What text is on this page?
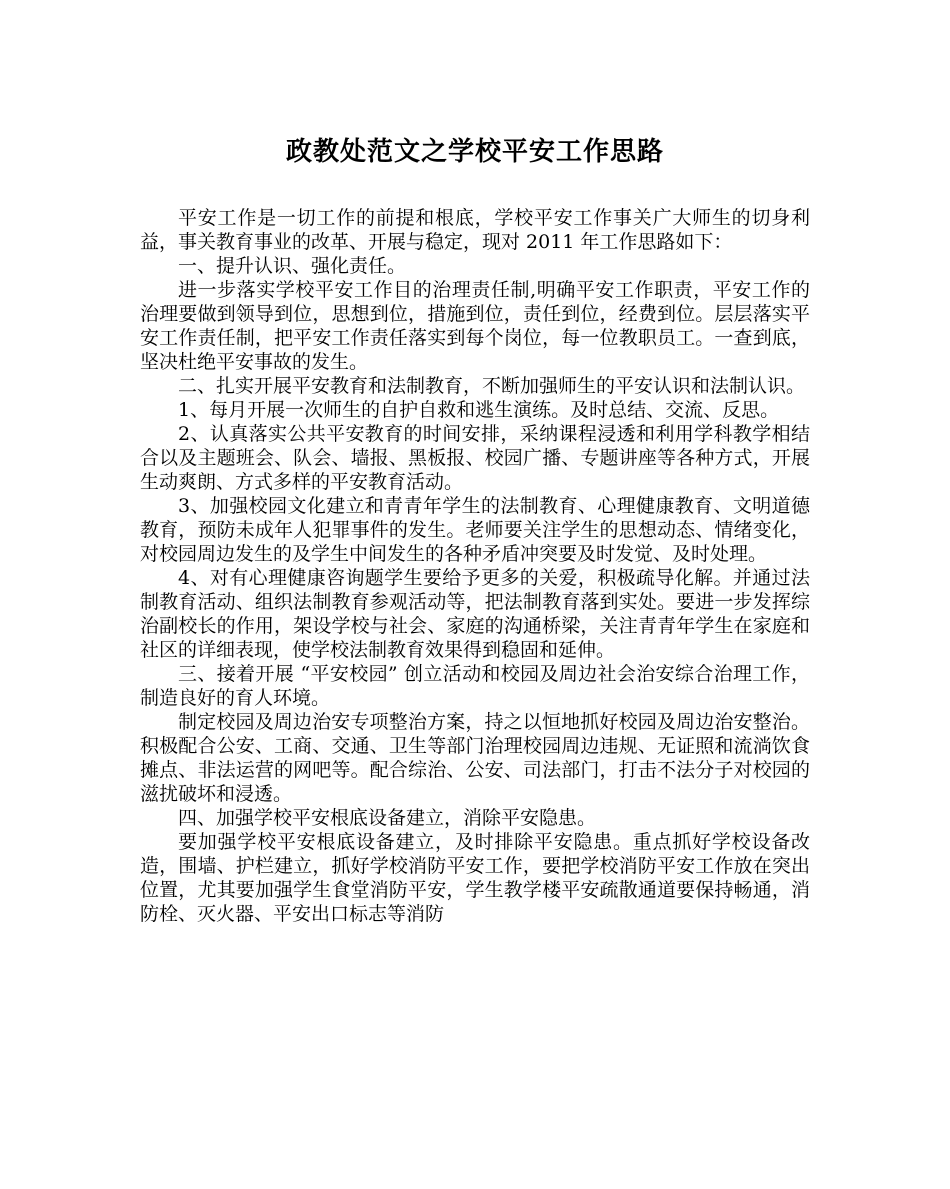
政教处范文之学校平安工作思路

平安工作是一切工作的前提和根底，学校平安工作事关广大师生的切身利益，事关教育事业的改革、开展与稳定，现对 2011 年工作思路如下：

一、提升认识、强化责任。

进一步落实学校平安工作目的治理责任制,明确平安工作职责，平安工作的治理要做到领导到位，思想到位，措施到位，责任到位，经费到位。层层落实平安工作责任制，把平安工作责任落实到每个岗位，每一位教职员工。一查到底，坚决杜绝平安事故的发生。

二、扎实开展平安教育和法制教育，不断加强师生的平安认识和法制认识。

1、每月开展一次师生的自护自救和逃生演练。及时总结、交流、反思。

2、认真落实公共平安教育的时间安排，采纳课程浸透和利用学科教学相结合以及主题班会、队会、墙报、黑板报、校园广播、专题讲座等各种方式，开展生动爽朗、方式多样的平安教育活动。

3、加强校园文化建立和青青年学生的法制教育、心理健康教育、文明道德教育，预防未成年人犯罪事件的发生。老师要关注学生的思想动态、情绪变化，对校园周边发生的及学生中间发生的各种矛盾冲突要及时发觉、及时处理。

4、对有心理健康咨询题学生要给予更多的关爱，积极疏导化解。并通过法制教育活动、组织法制教育参观活动等，把法制教育落到实处。要进一步发挥综治副校长的作用，架设学校与社会、家庭的沟通桥梁，关注青青年学生在家庭和社区的详细表现，使学校法制教育效果得到稳固和延伸。

三、接着开展 “平安校园” 创立活动和校园及周边社会治安综合治理工作，制造良好的育人环境。

制定校园及周边治安专项整治方案，持之以恒地抓好校园及周边治安整治。积极配合公安、工商、交通、卫生等部门治理校园周边违规、无证照和流淌饮食摊点、非法运营的网吧等。配合综治、公安、司法部门，打击不法分子对校园的滋扰破坏和浸透。

四、加强学校平安根底设备建立，消除平安隐患。

要加强学校平安根底设备建立，及时排除平安隐患。重点抓好学校设备改造，围墙、护栏建立，抓好学校消防平安工作，要把学校消防平安工作放在突出位置，尤其要加强学生食堂消防平安，学生教学楼平安疏散通道要保持畅通，消防栓、灭火器、平安出口标志等消防
